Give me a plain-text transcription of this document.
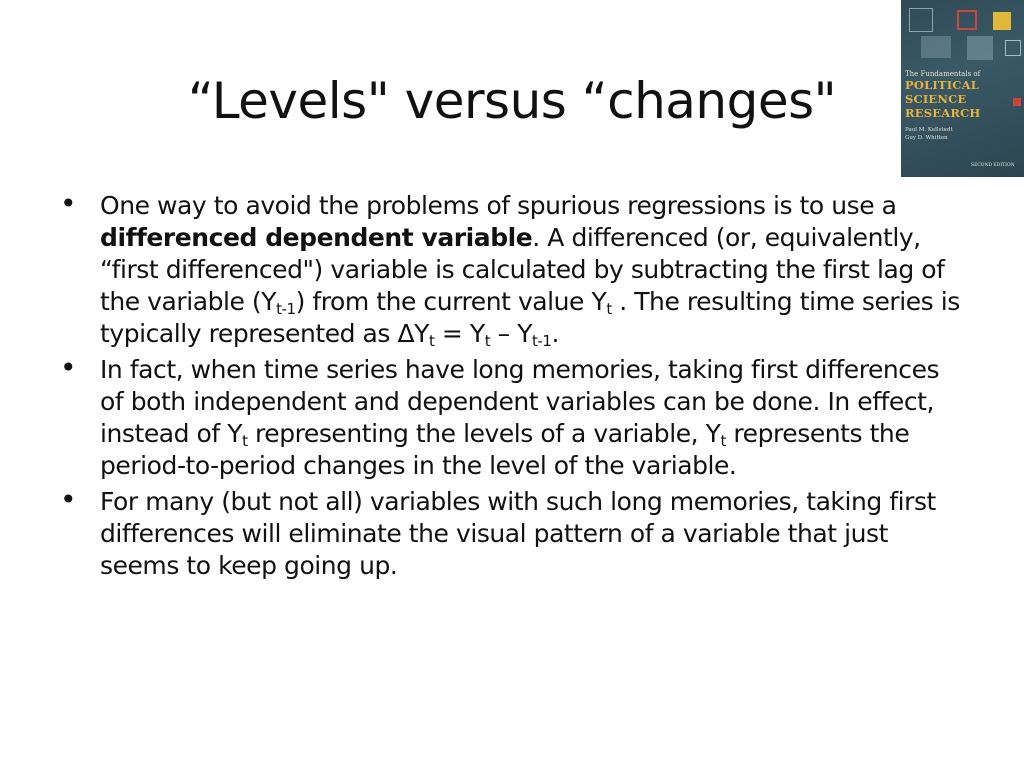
“Levels" versus “changes"	The Fundamentals of
POLITICAL
SCIENCE
RESEARCH
Paul M. Kellstedt
Guy D. Whitten
SECOND EDITION
• One way to avoid the problems of spurious regressions is to use a differenced dependent variable. A differenced (or, equivalently, “first differenced") variable is calculated by subtracting the first lag of the variable $(Y_{t-1})$ from the current value $Y_t$ . The resulting time series is typically represented as $\Delta Y_t = Y_t - Y_{t-1}$.
• In fact, when time series have long memories, taking first differences of both independent and dependent variables can be done. In effect, instead of $Y_t$ representing the levels of a variable, $Y_t$ represents the period-to-period changes in the level of the variable.
• For many (but not all) variables with such long memories, taking first differences will eliminate the visual pattern of a variable that just seems to keep going up.
